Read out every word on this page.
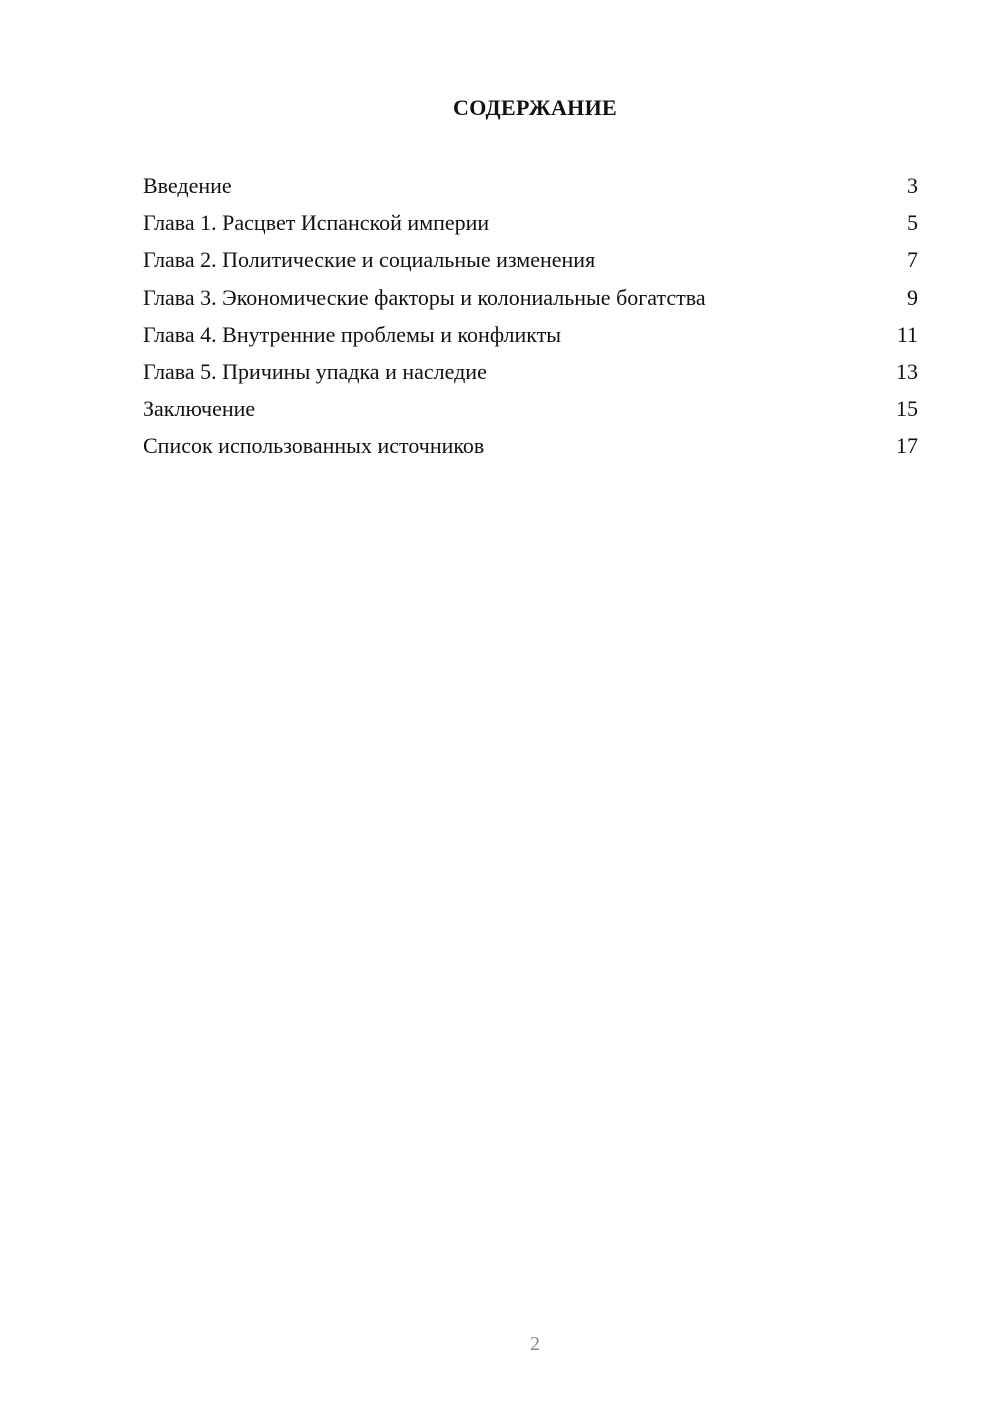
СОДЕРЖАНИЕ
Введение	3
Глава 1. Расцвет Испанской империи	5
Глава 2. Политические и социальные изменения	7
Глава 3. Экономические факторы и колониальные богатства	9
Глава 4. Внутренние проблемы и конфликты	11
Глава 5. Причины упадка и наследие	13
Заключение	15
Список использованных источников	17
2
